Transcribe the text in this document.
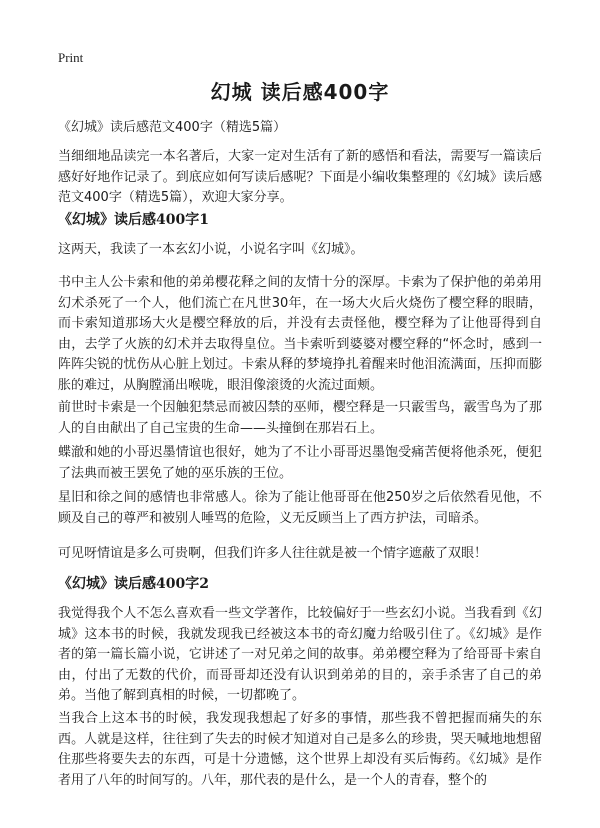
Print
幻城 读后感400字
《幻城》读后感范文400字（精选5篇）
当细细地品读完一本名著后，大家一定对生活有了新的感悟和看法，需要写一篇读后感好好地作记录了。到底应如何写读后感呢？下面是小编收集整理的《幻城》读后感范文400字（精选5篇），欢迎大家分享。
《幻城》读后感400字1
这两天，我读了一本玄幻小说，小说名字叫《幻城》。
书中主人公卡索和他的弟弟樱花释之间的友情十分的深厚。卡索为了保护他的弟弟用幻术杀死了一个人，他们流亡在凡世30年，在一场大火后火烧伤了樱空释的眼睛，而卡索知道那场大火是樱空释放的后，并没有去责怪他，樱空释为了让他哥得到自由，去学了火族的幻术并去取得皇位。当卡索听到婆婆对樱空释的“怀念时，感到一阵阵尖锐的忧伤从心脏上划过。卡索从释的梦境挣扎着醒来时他泪流满面，压抑而膨胀的难过，从胸膛涌出喉咙，眼泪像滚烫的火流过面颊。
前世时卡索是一个因触犯禁忌而被囚禁的巫师，樱空释是一只霰雪鸟，霰雪鸟为了那人的自由献出了自己宝贵的生命——头撞倒在那岩石上。
蝶澈和她的小哥迟墨情谊也很好，她为了不让小哥哥迟墨饱受痛苦便将他杀死，便犯了法典而被王罢免了她的巫乐族的王位。
星旧和徐之间的感情也非常感人。徐为了能让他哥哥在他250岁之后依然看见他，不顾及自己的尊严和被别人唾骂的危险，义无反顾当上了西方护法，司暗杀。
可见呀情谊是多么可贵啊，但我们许多人往往就是被一个情字遮蔽了双眼！
《幻城》读后感400字2
我觉得我个人不怎么喜欢看一些文学著作，比较偏好于一些玄幻小说。当我看到《幻城》这本书的时候，我就发现我已经被这本书的奇幻魔力给吸引住了。《幻城》是作者的第一篇长篇小说，它讲述了一对兄弟之间的故事。弟弟樱空释为了给哥哥卡索自由，付出了无数的代价，而哥哥却还没有认识到弟弟的目的，亲手杀害了自己的弟弟。当他了解到真相的时候，一切都晚了。
当我合上这本书的时候，我发现我想起了好多的事情，那些我不曾把握而痛失的东西。人就是这样，往往到了失去的时候才知道对自己是多么的珍贵，哭天喊地地想留住那些将要失去的东西，可是十分遗憾，这个世界上却没有买后悔药。《幻城》是作者用了八年的时间写的。八年，那代表的是什么，是一个人的青春，整个的
